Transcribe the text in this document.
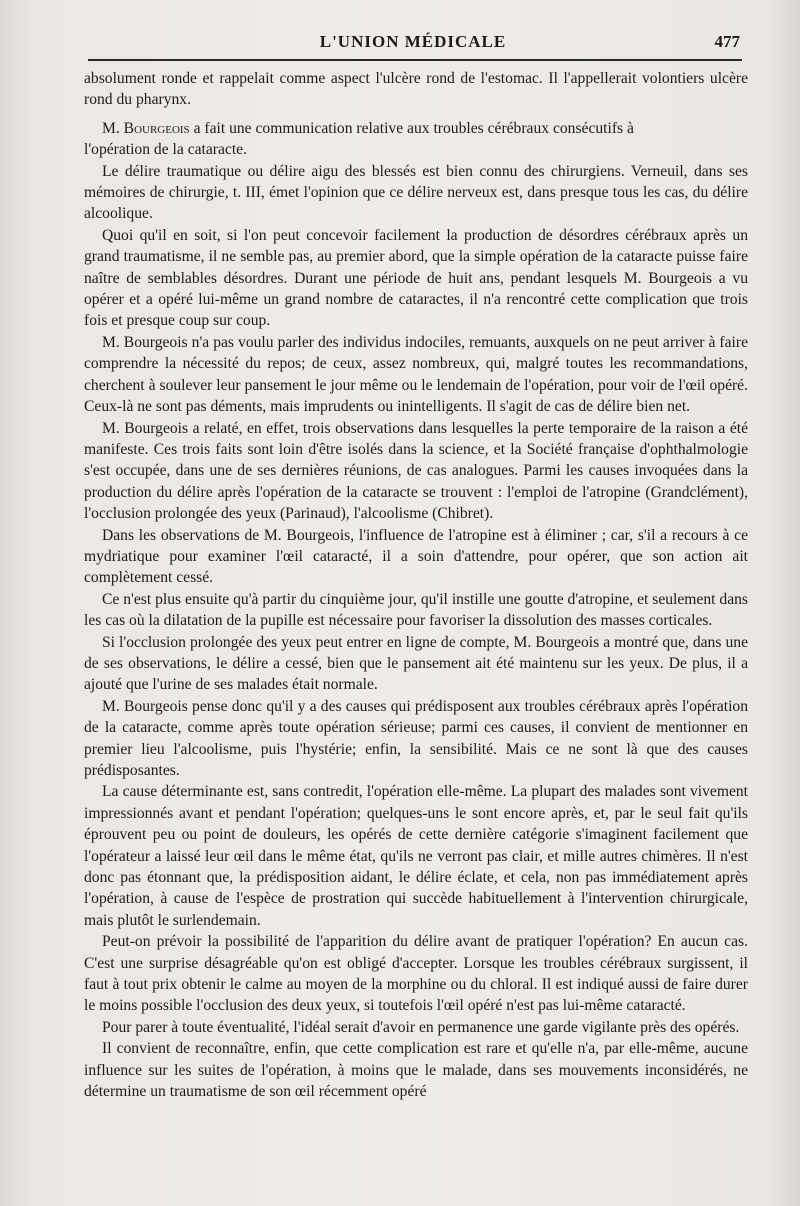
L'UNION MÉDICALE	477

absolument ronde et rappelait comme aspect l'ulcère rond de l'estomac. Il l'appellerait volontiers ulcère rond du pharynx.

M. Bourgeois a fait une communication relative aux troubles cérébraux consécutifs à

l'opération de la cataracte.

Le délire traumatique ou délire aigu des blessés est bien connu des chirurgiens. Verneuil, dans ses mémoires de chirurgie, t. III, émet l'opinion que ce délire nerveux est, dans presque tous les cas, du délire alcoolique.

Quoi qu'il en soit, si l'on peut concevoir facilement la production de désordres cérébraux après un grand traumatisme, il ne semble pas, au premier abord, que la simple opération de la cataracte puisse faire naître de semblables désordres. Durant une période de huit ans, pendant lesquels M. Bourgeois a vu opérer et a opéré lui-même un grand nombre de cataractes, il n'a rencontré cette complication que trois fois et presque coup sur coup.

M. Bourgeois n'a pas voulu parler des individus indociles, remuants, auxquels on ne peut arriver à faire comprendre la nécessité du repos; de ceux, assez nombreux, qui, malgré toutes les recommandations, cherchent à soulever leur pansement le jour même ou le lendemain de l'opération, pour voir de l'œil opéré. Ceux-là ne sont pas déments, mais imprudents ou inintelligents. Il s'agit de cas de délire bien net.

M. Bourgeois a relaté, en effet, trois observations dans lesquelles la perte temporaire de la raison a été manifeste. Ces trois faits sont loin d'être isolés dans la science, et la Société française d'ophthalmologie s'est occupée, dans une de ses dernières réunions, de cas analogues. Parmi les causes invoquées dans la production du délire après l'opération de la cataracte se trouvent : l'emploi de l'atropine (Grandclément), l'occlusion prolongée des yeux (Parinaud), l'alcoolisme (Chibret).

Dans les observations de M. Bourgeois, l'influence de l'atropine est à éliminer ; car, s'il a recours à ce mydriatique pour examiner l'œil cataracté, il a soin d'attendre, pour opérer, que son action ait complètement cessé.

Ce n'est plus ensuite qu'à partir du cinquième jour, qu'il instille une goutte d'atropine, et seulement dans les cas où la dilatation de la pupille est nécessaire pour favoriser la dissolution des masses corticales.

Si l'occlusion prolongée des yeux peut entrer en ligne de compte, M. Bourgeois a montré que, dans une de ses observations, le délire a cessé, bien que le pansement ait été maintenu sur les yeux. De plus, il a ajouté que l'urine de ses malades était normale.

M. Bourgeois pense donc qu'il y a des causes qui prédisposent aux troubles cérébraux après l'opération de la cataracte, comme après toute opération sérieuse; parmi ces causes, il convient de mentionner en premier lieu l'alcoolisme, puis l'hystérie; enfin, la sensibilité. Mais ce ne sont là que des causes prédisposantes.

La cause déterminante est, sans contredit, l'opération elle-même. La plupart des malades sont vivement impressionnés avant et pendant l'opération; quelques-uns le sont encore après, et, par le seul fait qu'ils éprouvent peu ou point de douleurs, les opérés de cette dernière catégorie s'imaginent facilement que l'opérateur a laissé leur œil dans le même état, qu'ils ne verront pas clair, et mille autres chimères. Il n'est donc pas étonnant que, la prédisposition aidant, le délire éclate, et cela, non pas immédiatement après l'opération, à cause de l'espèce de prostration qui succède habituellement à l'intervention chirurgicale, mais plutôt le surlendemain.

Peut-on prévoir la possibilité de l'apparition du délire avant de pratiquer l'opération? En aucun cas. C'est une surprise désagréable qu'on est obligé d'accepter. Lorsque les troubles cérébraux surgissent, il faut à tout prix obtenir le calme au moyen de la morphine ou du chloral. Il est indiqué aussi de faire durer le moins possible l'occlusion des deux yeux, si toutefois l'œil opéré n'est pas lui-même cataracté.

Pour parer à toute éventualité, l'idéal serait d'avoir en permanence une garde vigilante près des opérés.

Il convient de reconnaître, enfin, que cette complication est rare et qu'elle n'a, par elle-même, aucune influence sur les suites de l'opération, à moins que le malade, dans ses mouvements inconsidérés, ne détermine un traumatisme de son œil récemment opéré
